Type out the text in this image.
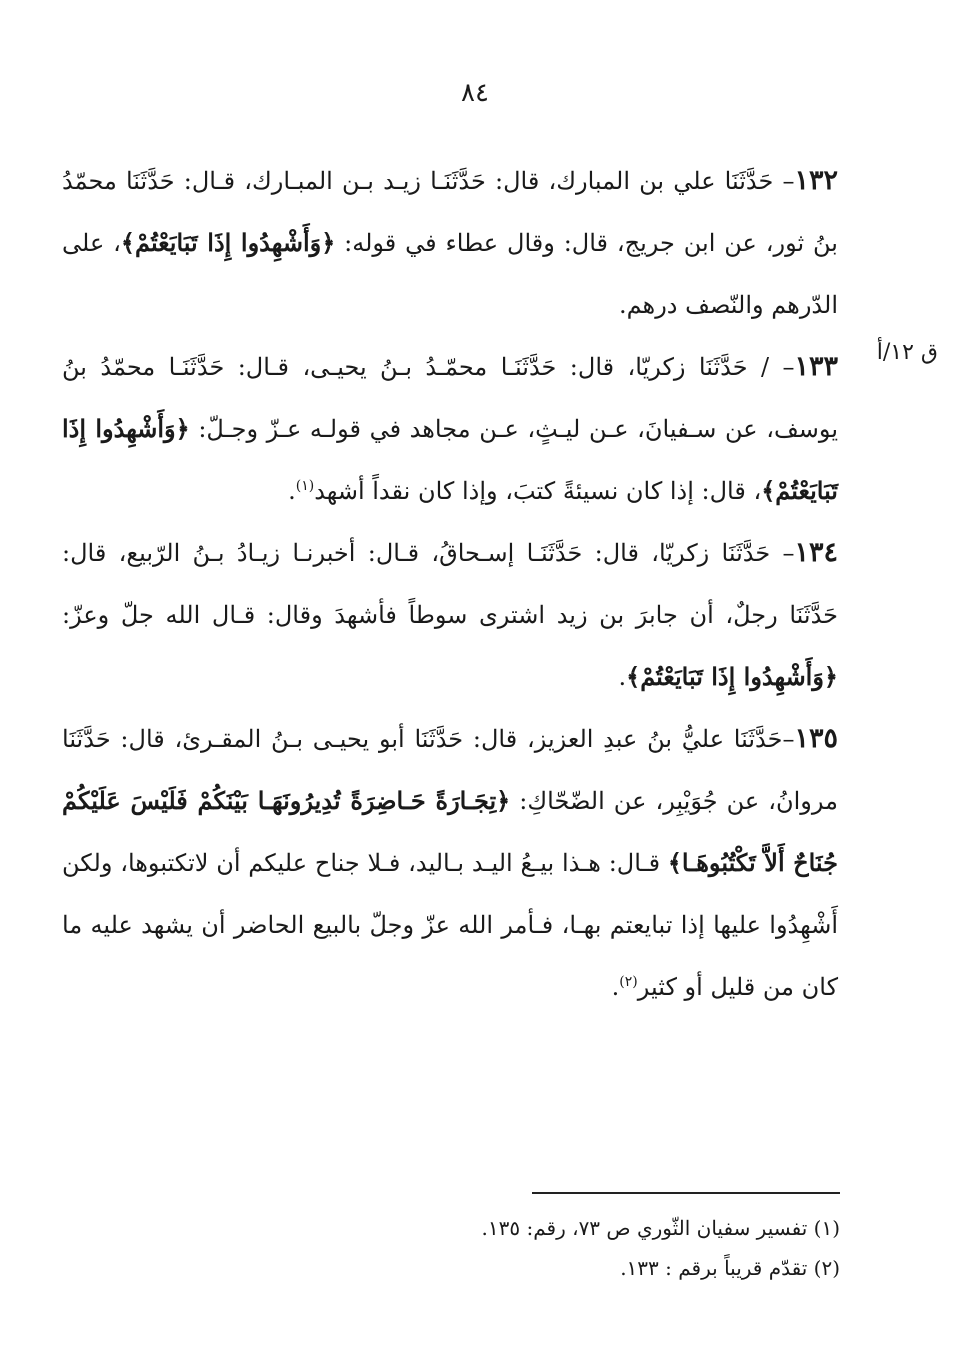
٨٤
ق ١٢/أ

١٣٢– حَدَّثَنَا علي بن المبارك، قال: حَدَّثَنَـا زيـد بـن المبـارك، قـال: حَدَّثَنَا محمّدُ بنُ ثور، عن ابن جريج، قال: وقال عطاء في قوله: ﴿وَأَشْهِدُوا إِذَا تَبَايَعْتُمْ﴾، على الدّرهم والنّصف درهم.

١٣٣– / حَدَّثَنَا زكريّا، قال: حَدَّثَنَـا محمّـدُ بـنُ يحيـى، قـال: حَدَّثَنَـا محمّدُ بنُ يوسف، عن سـفيانَ، عـن ليـثٍ، عـن مجاهد في قولـه عـزّ وجـلّ: ﴿وَأَشْهِدُوا إِذَا تَبَايَعْتُمْ﴾، قال: إذا كان نسيئةً كتبَ، وإذا كان نقداً أشهد$^{(١)}$.

١٣٤– حَدَّثَنَا زكريّا، قال: حَدَّثَنَـا إسـحاقُ، قـال: أخبرنـا زيـادُ بـنُ الرّبيع، قال: حَدَّثَنَا رجلٌ، أن جابرَ بن زيد اشترى سوطاً فأشهدَ وقال: قـال الله جلّ وعزّ: ﴿وَأَشْهِدُوا إِذَا تَبَايَعْتُمْ﴾.

١٣٥–حَدَّثَنَا عليُّ بنُ عبدِ العزيز، قال: حَدَّثَنَا أبو يحيـى بـنُ المقـرئ، قال: حَدَّثَنَا مروانُ، عن جُوَيْبِر، عن الضّحّاكِ: ﴿تِجَـارَةً حَـاضِرَةً تُدِيرُونَهَـا بَيْنَكُمْ فَلَيْسَ عَلَيْكُمْ جُنَاحٌ أَلاَّ تَكْتُبُوهَـا﴾ قـال: هـذا بيـعُ اليـد بـاليد، فـلا جناح عليكم أن لاتكتبوها، ولكن أَشْهِدُوا عليها إذا تبايعتم بهـا، فـأمر الله عزّ وجلّ بالبيع الحاضر أن يشهد عليه ما كان من قليل أو كثير$^{(٢)}$.

(١) تفسير سفيان الثّوري ص ٧٣، رقم: ١٣٥.

(٢) تقدّم قريباً برقم : ١٣٣.
